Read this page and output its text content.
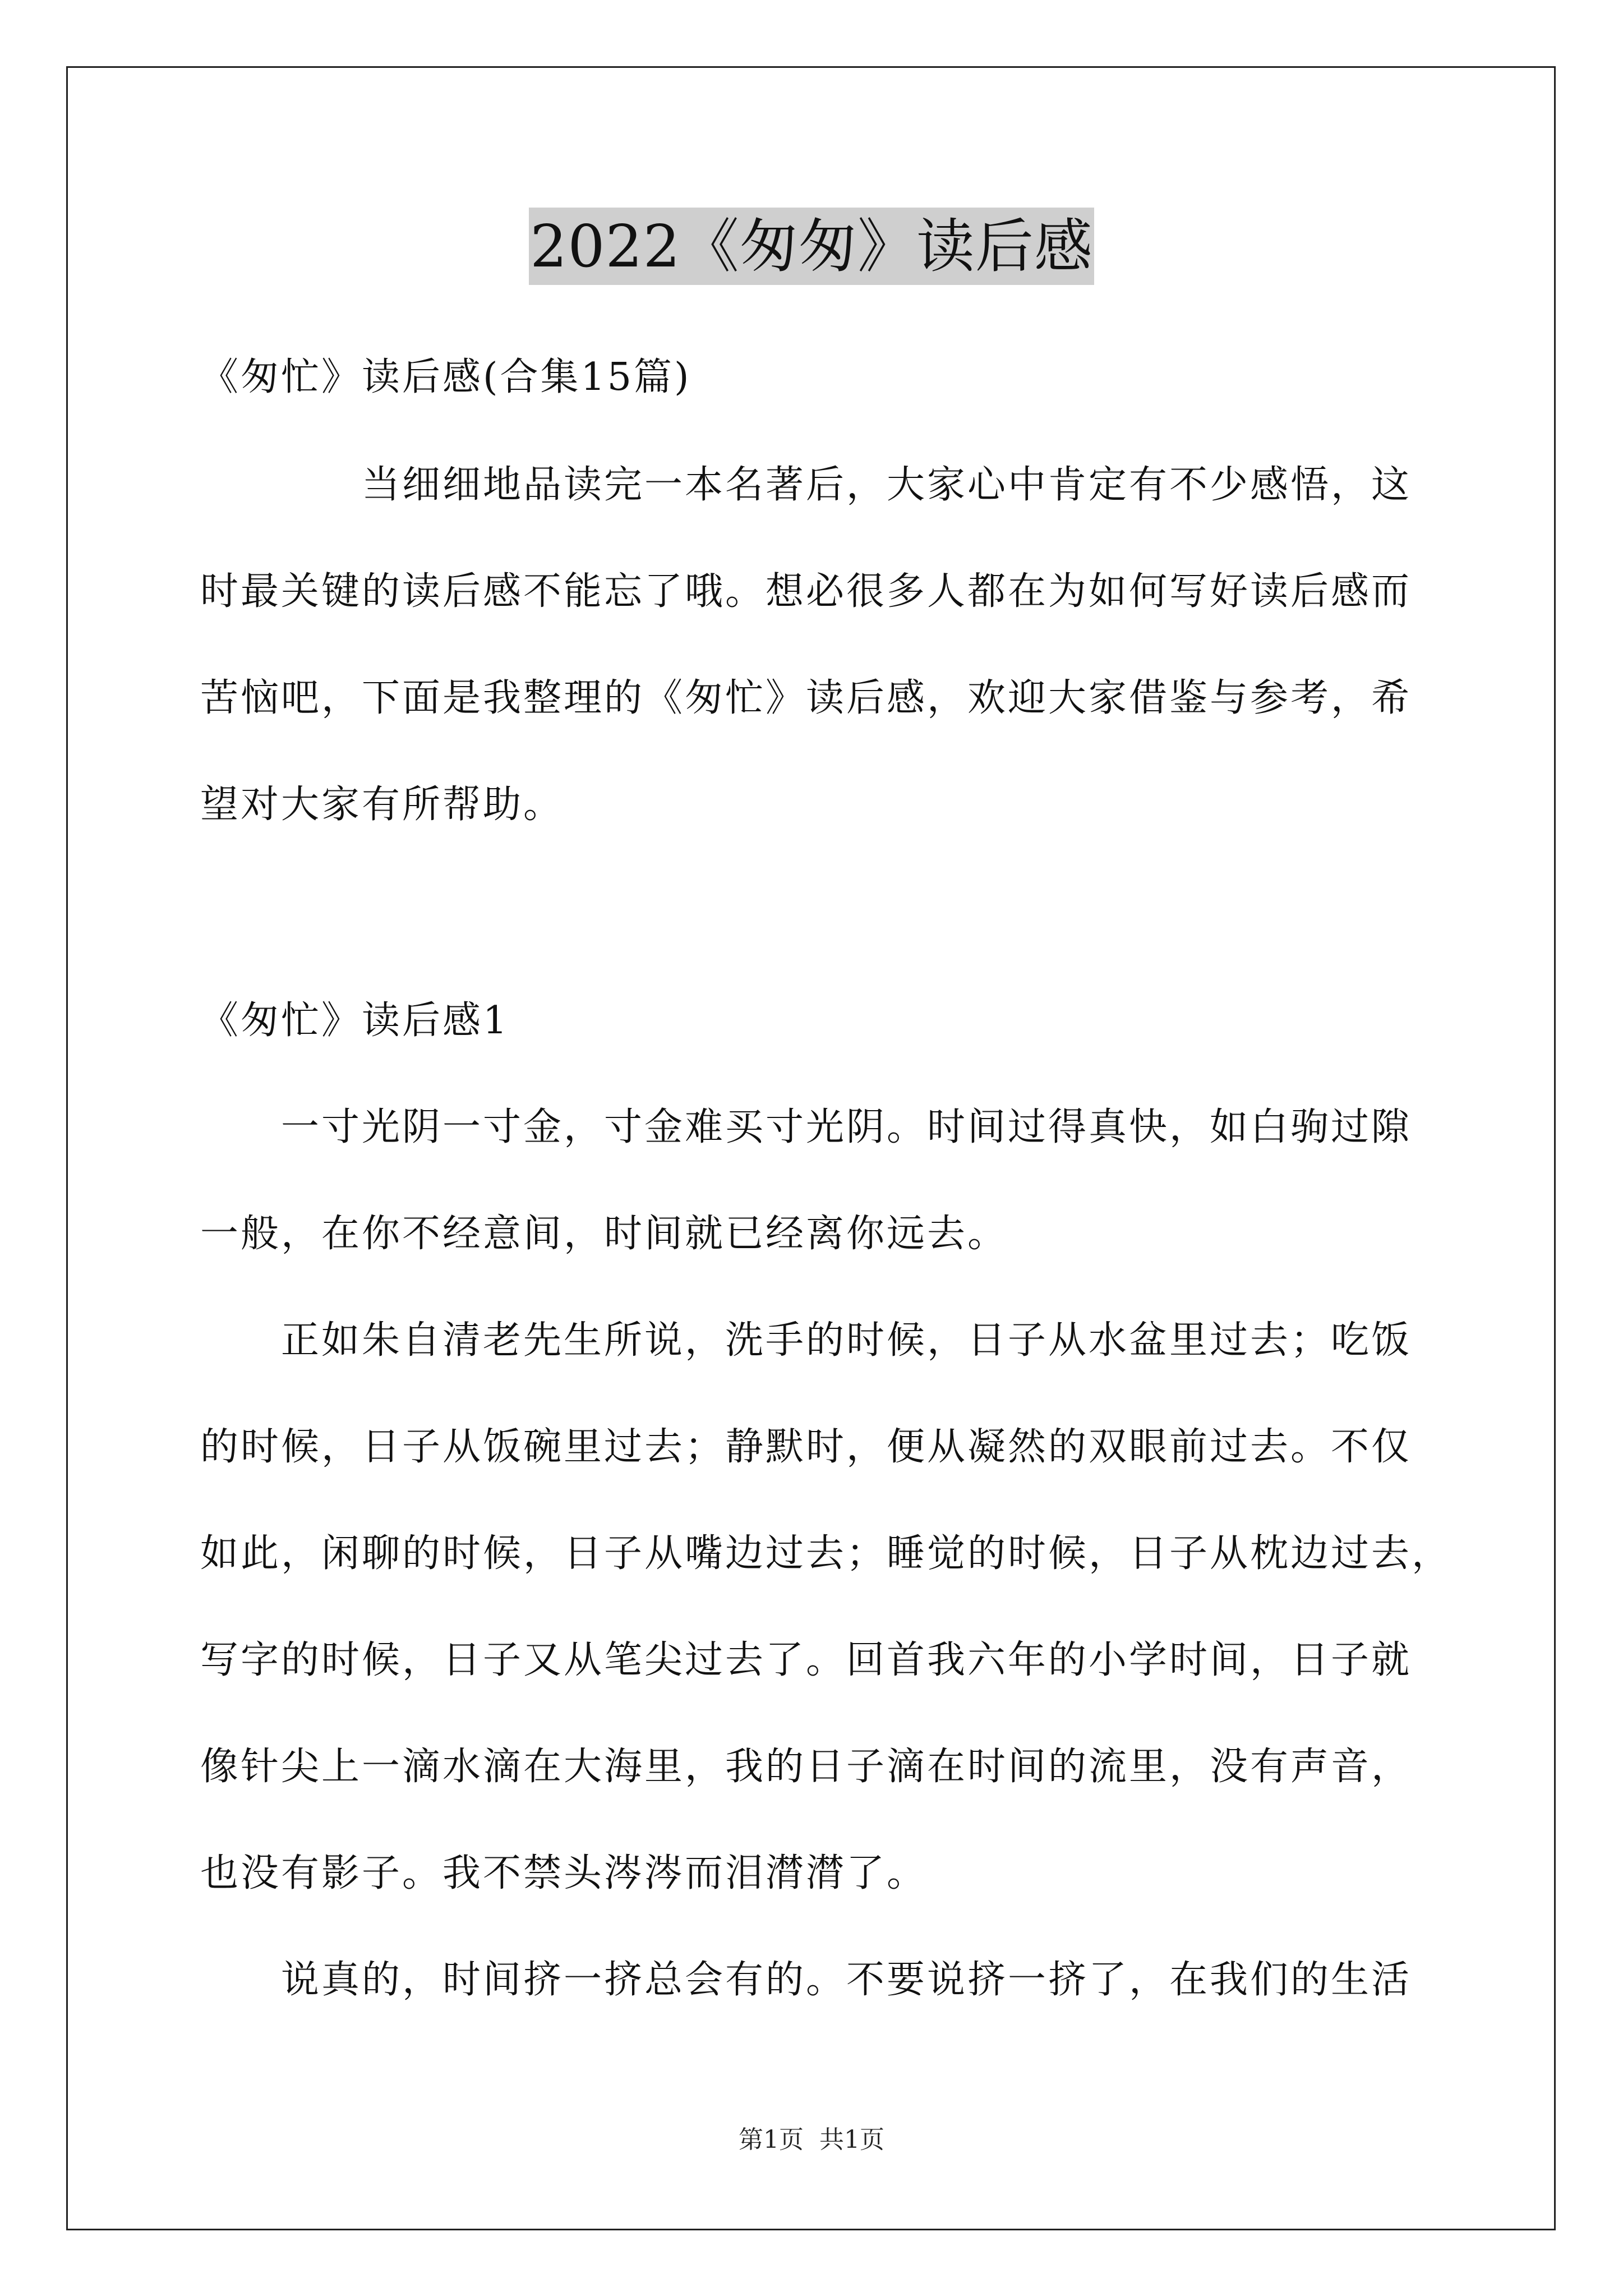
2022《匆匆》读后感

《匆忙》读后感(合集15篇)

　　　　当细细地品读完一本名著后，大家心中肯定有不少感悟，这

时最关键的读后感不能忘了哦。想必很多人都在为如何写好读后感而

苦恼吧，下面是我整理的《匆忙》读后感，欢迎大家借鉴与参考，希

望对大家有所帮助。

《匆忙》读后感1

　　一寸光阴一寸金，寸金难买寸光阴。时间过得真快，如白驹过隙

一般，在你不经意间，时间就已经离你远去。

　　正如朱自清老先生所说，洗手的时候，日子从水盆里过去；吃饭

的时候，日子从饭碗里过去；静默时，便从凝然的双眼前过去。不仅

如此，闲聊的时候，日子从嘴边过去；睡觉的时候，日子从枕边过去，

写字的时候，日子又从笔尖过去了。回首我六年的小学时间，日子就

像针尖上一滴水滴在大海里，我的日子滴在时间的流里，没有声音，

也没有影子。我不禁头涔涔而泪潸潸了。

　　说真的，时间挤一挤总会有的。不要说挤一挤了，在我们的生活

第1页 共1页
